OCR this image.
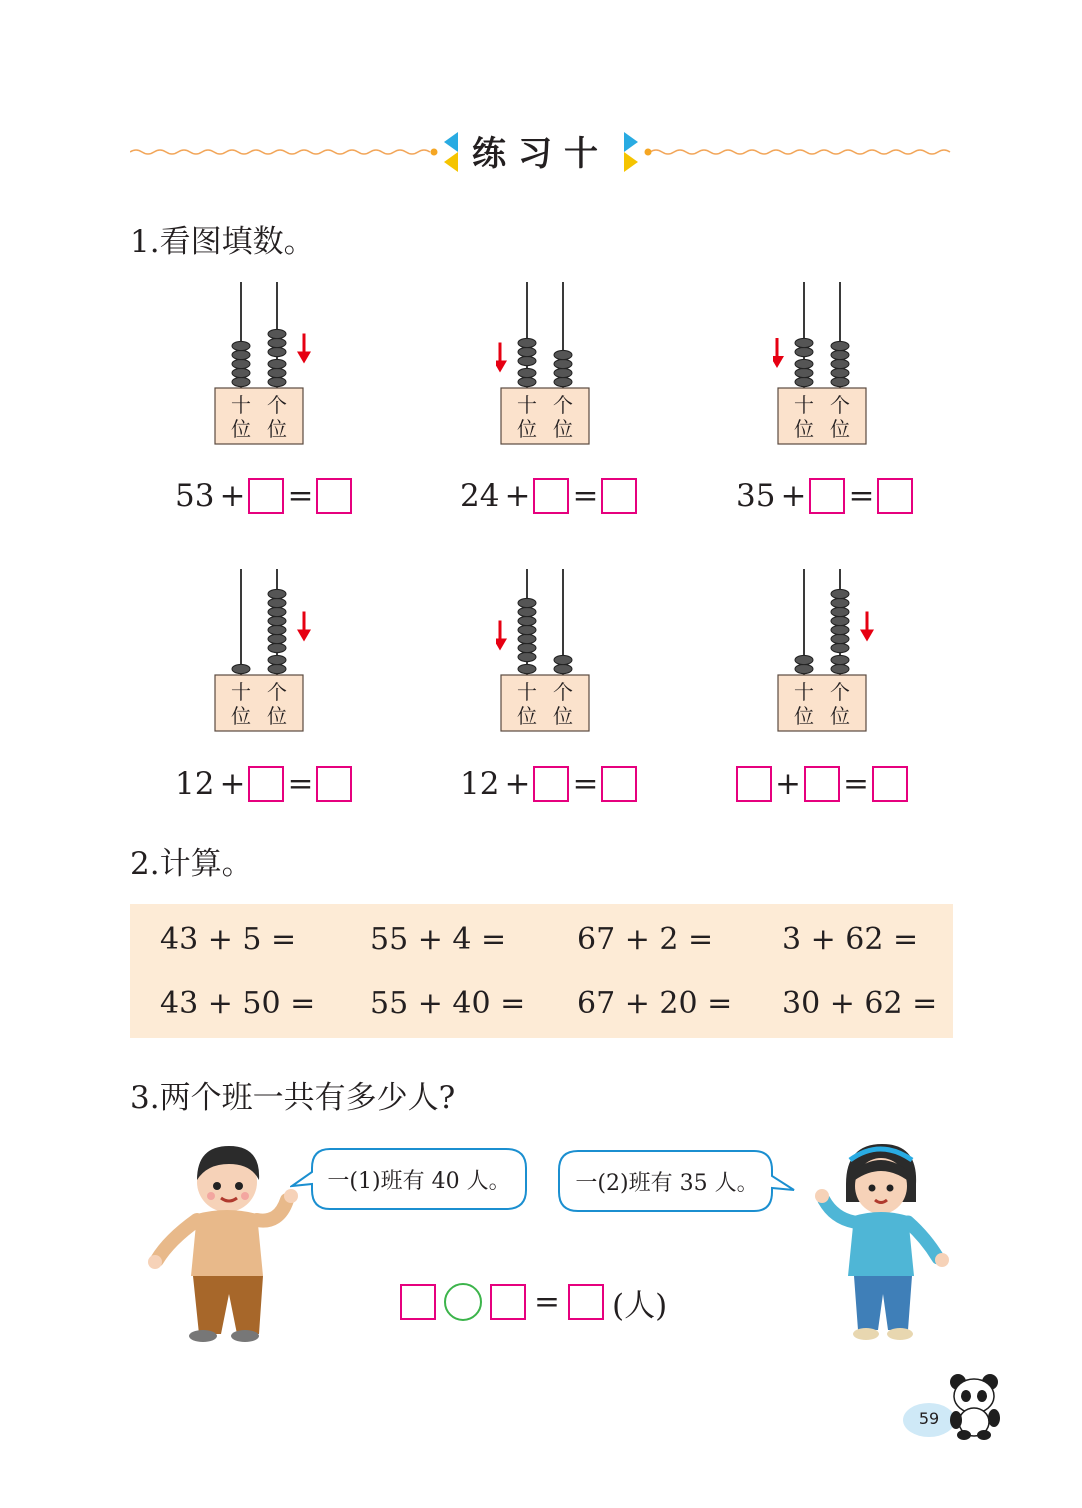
练习十
1.看图填数。
十
位
个
位
53 + =
十
位
个
位
24 + =
十
位
个
位
35 + =
十
位
个
位
12 + =
十
位
个
位
12 + =
十
位
个
位
+ =
2.计算。
43 + 5 = 55 + 4 = 67 + 2 = 3 + 62 =
43 + 50 = 55 + 40 = 67 + 20 = 30 + 62 =
3.两个班一共有多少人?
一(1)班有 40 人。	一(2)班有 35 人。
= (人)
59
